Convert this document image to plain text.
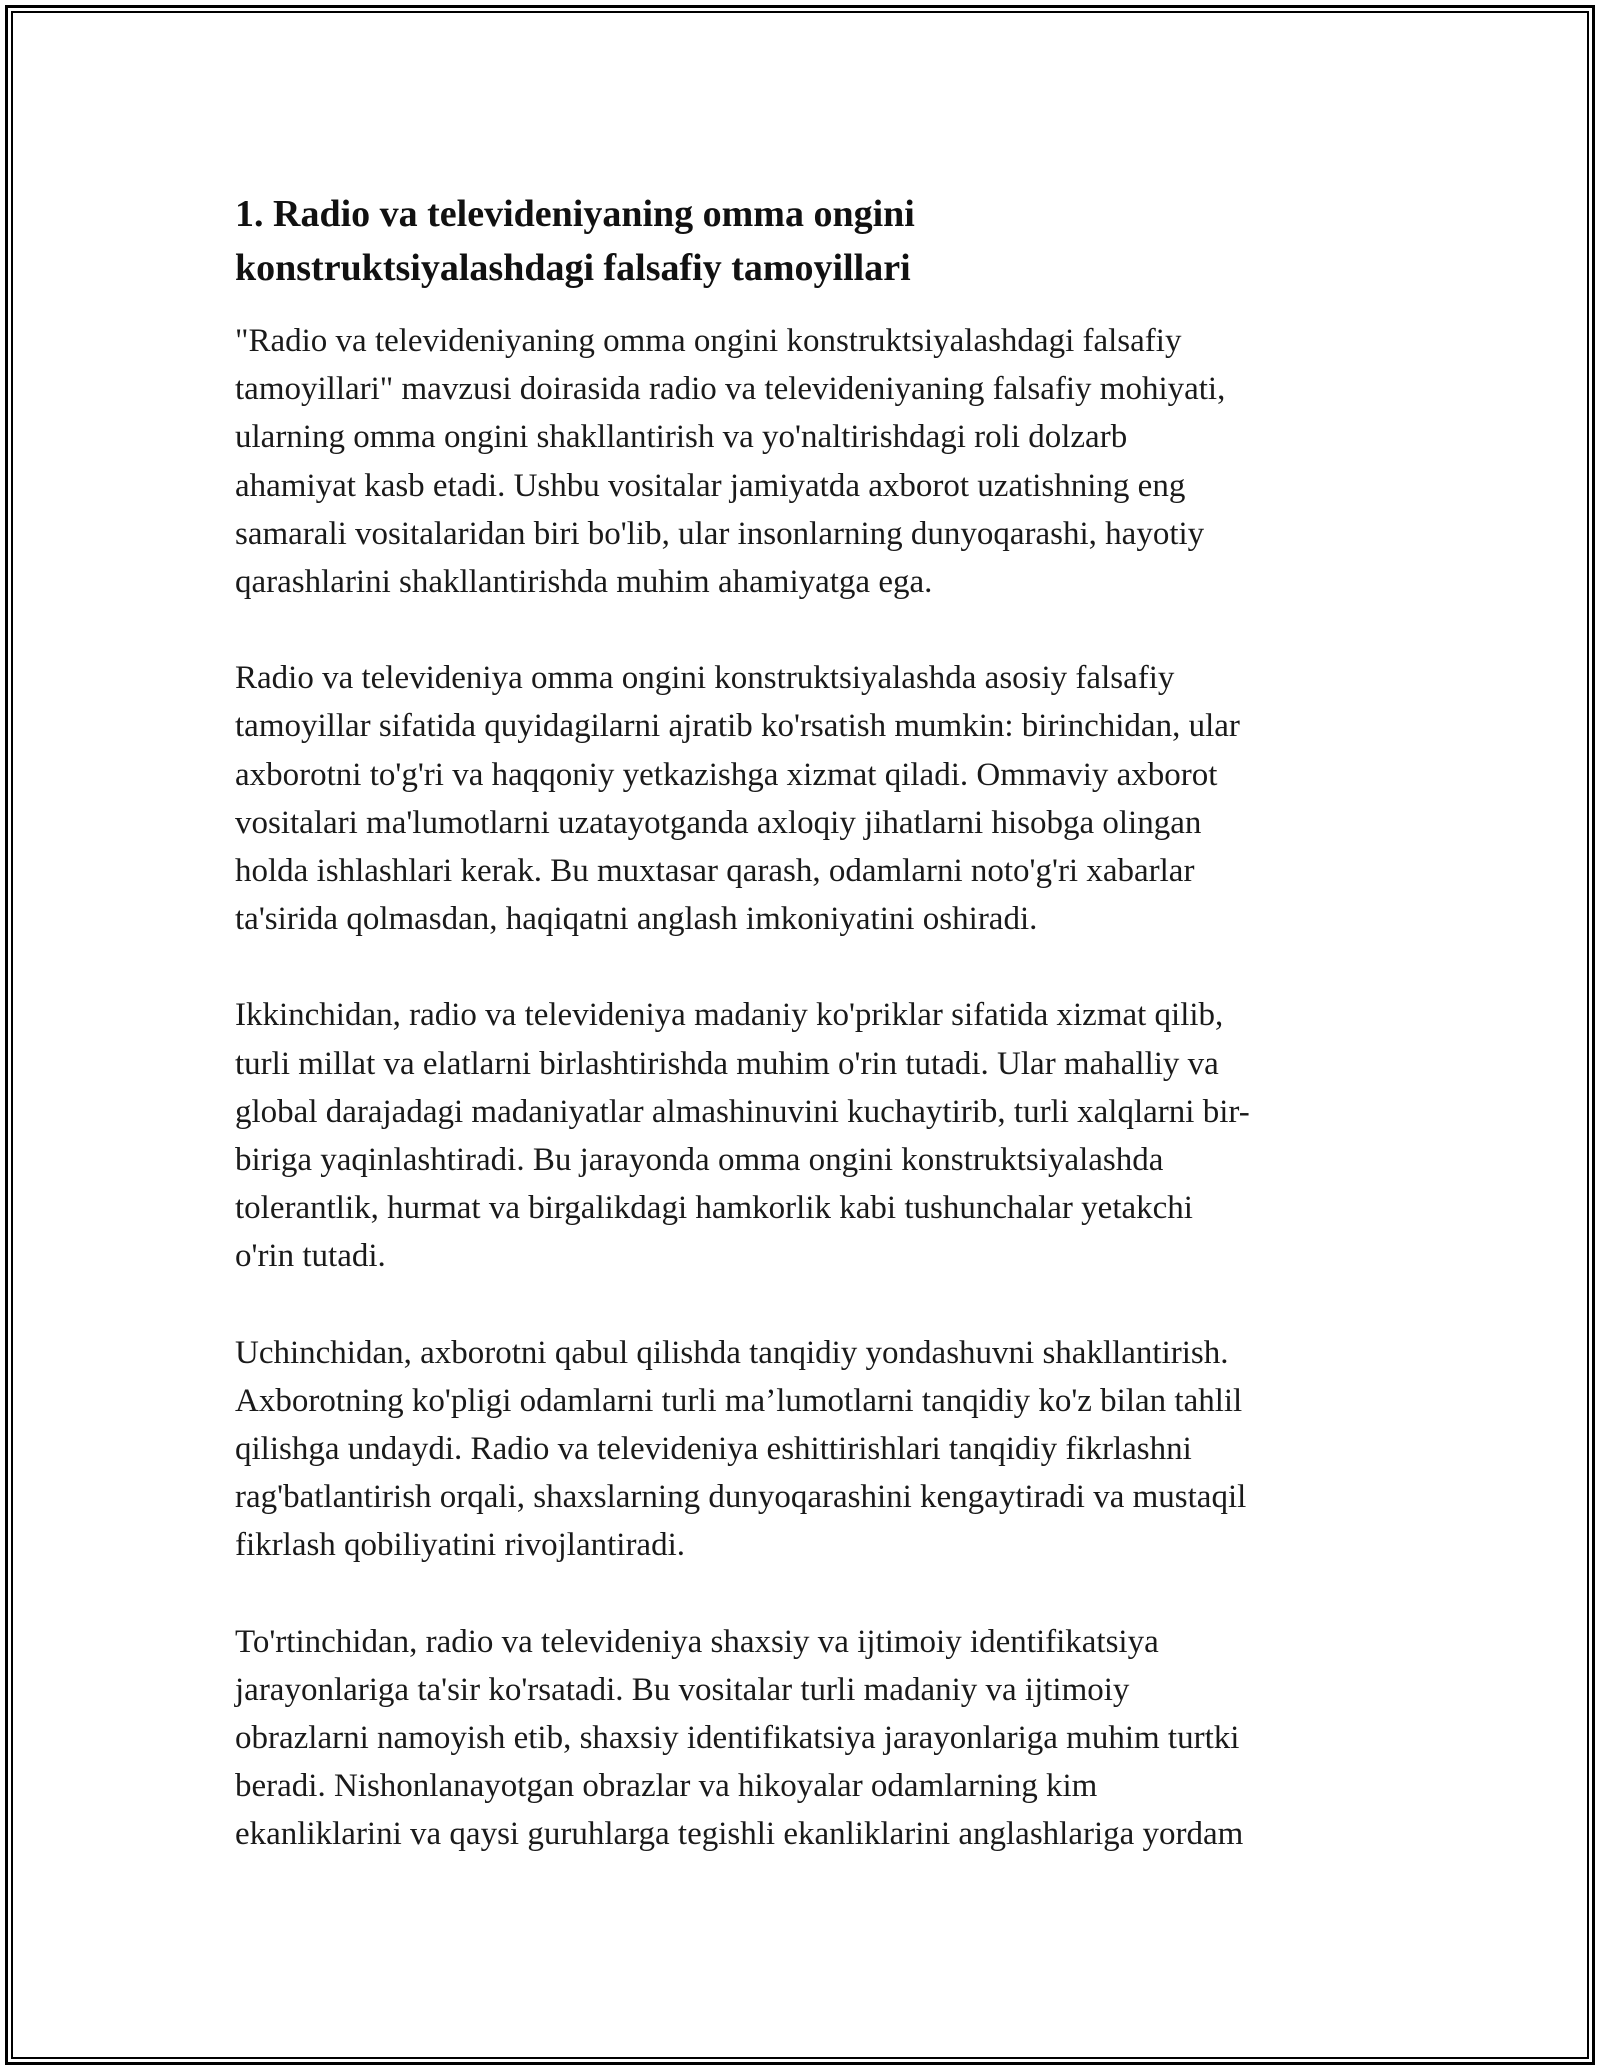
1. Radio va televideniyaning omma ongini
konstruktsiyalashdagi falsafiy tamoyillari

"Radio va televideniyaning omma ongini konstruktsiyalashdagi falsafiy
tamoyillari" mavzusi doirasida radio va televideniyaning falsafiy mohiyati,
ularning omma ongini shakllantirish va yo'naltirishdagi roli dolzarb
ahamiyat kasb etadi. Ushbu vositalar jamiyatda axborot uzatishning eng
samarali vositalaridan biri bo'lib, ular insonlarning dunyoqarashi, hayotiy
qarashlarini shakllantirishda muhim ahamiyatga ega.

Radio va televideniya omma ongini konstruktsiyalashda asosiy falsafiy
tamoyillar sifatida quyidagilarni ajratib ko'rsatish mumkin: birinchidan, ular
axborotni to'g'ri va haqqoniy yetkazishga xizmat qiladi. Ommaviy axborot
vositalari ma'lumotlarni uzatayotganda axloqiy jihatlarni hisobga olingan
holda ishlashlari kerak. Bu muxtasar qarash, odamlarni noto'g'ri xabarlar
ta'sirida qolmasdan, haqiqatni anglash imkoniyatini oshiradi.

Ikkinchidan, radio va televideniya madaniy ko'priklar sifatida xizmat qilib,
turli millat va elatlarni birlashtirishda muhim o'rin tutadi. Ular mahalliy va
global darajadagi madaniyatlar almashinuvini kuchaytirib, turli xalqlarni bir-
biriga yaqinlashtiradi. Bu jarayonda omma ongini konstruktsiyalashda
tolerantlik, hurmat va birgalikdagi hamkorlik kabi tushunchalar yetakchi
o'rin tutadi.

Uchinchidan, axborotni qabul qilishda tanqidiy yondashuvni shakllantirish.
Axborotning ko'pligi odamlarni turli ma’lumotlarni tanqidiy ko'z bilan tahlil
qilishga undaydi. Radio va televideniya eshittirishlari tanqidiy fikrlashni
rag'batlantirish orqali, shaxslarning dunyoqarashini kengaytiradi va mustaqil
fikrlash qobiliyatini rivojlantiradi.

To'rtinchidan, radio va televideniya shaxsiy va ijtimoiy identifikatsiya
jarayonlariga ta'sir ko'rsatadi. Bu vositalar turli madaniy va ijtimoiy
obrazlarni namoyish etib, shaxsiy identifikatsiya jarayonlariga muhim turtki
beradi. Nishonlanayotgan obrazlar va hikoyalar odamlarning kim
ekanliklarini va qaysi guruhlarga tegishli ekanliklarini anglashlariga yordam
